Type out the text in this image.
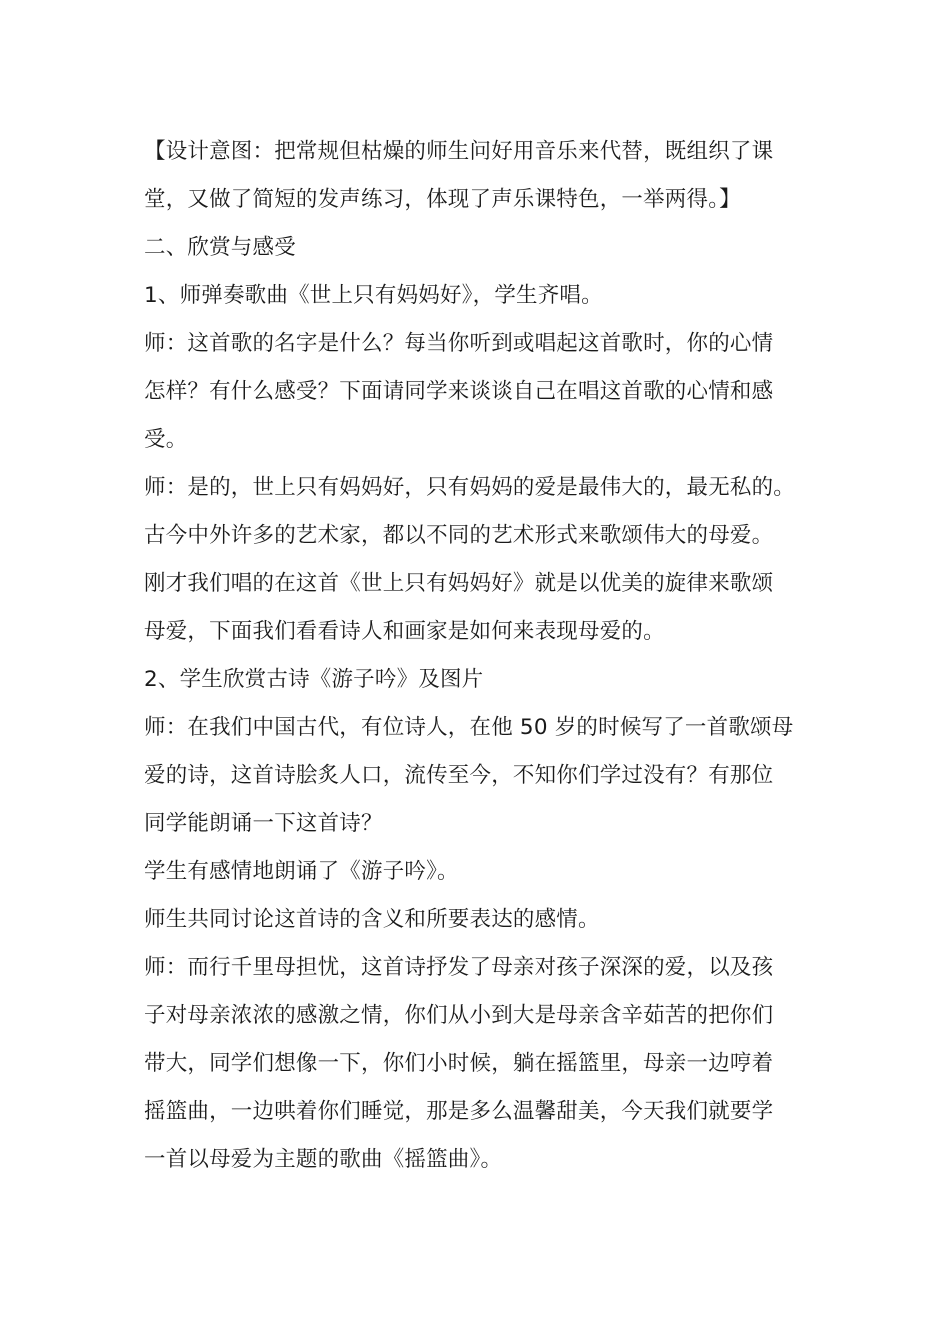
【设计意图：把常规但枯燥的师生问好用音乐来代替，既组织了课

堂，又做了简短的发声练习，体现了声乐课特色，一举两得。】

二、欣赏与感受

1、师弹奏歌曲《世上只有妈妈好》，学生齐唱。

师：这首歌的名字是什么？每当你听到或唱起这首歌时，你的心情

怎样？有什么感受？下面请同学来谈谈自己在唱这首歌的心情和感

受。

师：是的，世上只有妈妈好，只有妈妈的爱是最伟大的，最无私的。

古今中外许多的艺术家，都以不同的艺术形式来歌颂伟大的母爱。

刚才我们唱的在这首《世上只有妈妈好》就是以优美的旋律来歌颂

母爱，下面我们看看诗人和画家是如何来表现母爱的。

2、学生欣赏古诗《游子吟》及图片

师：在我们中国古代，有位诗人，在他 50 岁的时候写了一首歌颂母

爱的诗，这首诗脍炙人口，流传至今，不知你们学过没有？有那位

同学能朗诵一下这首诗？

学生有感情地朗诵了《游子吟》。

师生共同讨论这首诗的含义和所要表达的感情。

师：而行千里母担忧，这首诗抒发了母亲对孩子深深的爱，以及孩

子对母亲浓浓的感激之情，你们从小到大是母亲含辛茹苦的把你们

带大，同学们想像一下，你们小时候，躺在摇篮里，母亲一边哼着

摇篮曲，一边哄着你们睡觉，那是多么温馨甜美，今天我们就要学

一首以母爱为主题的歌曲《摇篮曲》。
